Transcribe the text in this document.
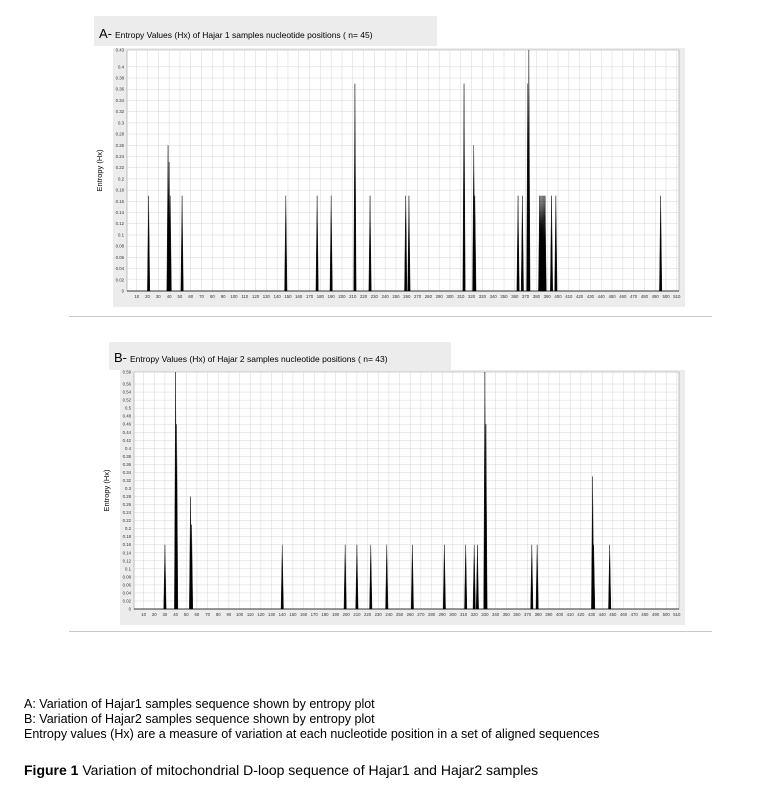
A- Entropy Values (Hx) of Hajar 1 samples nucleotide positions ( n= 45)
0
0.02
0.04
0.06
0.08
0.1
0.12
0.14
0.16
0.18
0.2
0.22
0.24
0.26
0.28
0.3
0.32
0.34
0.36
0.38
0.4
0.43
10 20 30 40 50 60 70 80 90 100 110 120 130 140 150 160 170 180 190 200 210 220 230 240 250 260 270 280 290 300 310 320 330 340 350 360 370 380 390 400 410 420 430 440 450 460 470 480 490 500 510
Entropy (Hx)
B- Entropy Values (Hx) of Hajar 2 samples nucleotide positions ( n= 43)
0
0.02
0.04
0.06
0.08
0.1
0.12
0.14
0.16
0.18
0.2
0.22
0.24
0.26
0.28
0.3
0.32
0.34
0.36
0.38
0.4
0.42
0.44
0.46
0.48
0.5
0.52
0.54
0.56
0.59
10 20 30 40 50 60 70 80 90 100 110 120 130 140 150 160 170 180 190 200 210 220 230 240 250 260 270 280 290 300 310 320 330 340 350 360 370 380 390 400 410 420 430 440 450 460 470 480 490 500 510
Entropy (Hx)
A: Variation of Hajar1 samples sequence shown by entropy plot
B: Variation of Hajar2 samples sequence shown by entropy plot
Entropy values (Hx) are a measure of variation at each nucleotide position in a set of aligned sequences
Figure 1 Variation of mitochondrial D-loop sequence of Hajar1 and Hajar2 samples
